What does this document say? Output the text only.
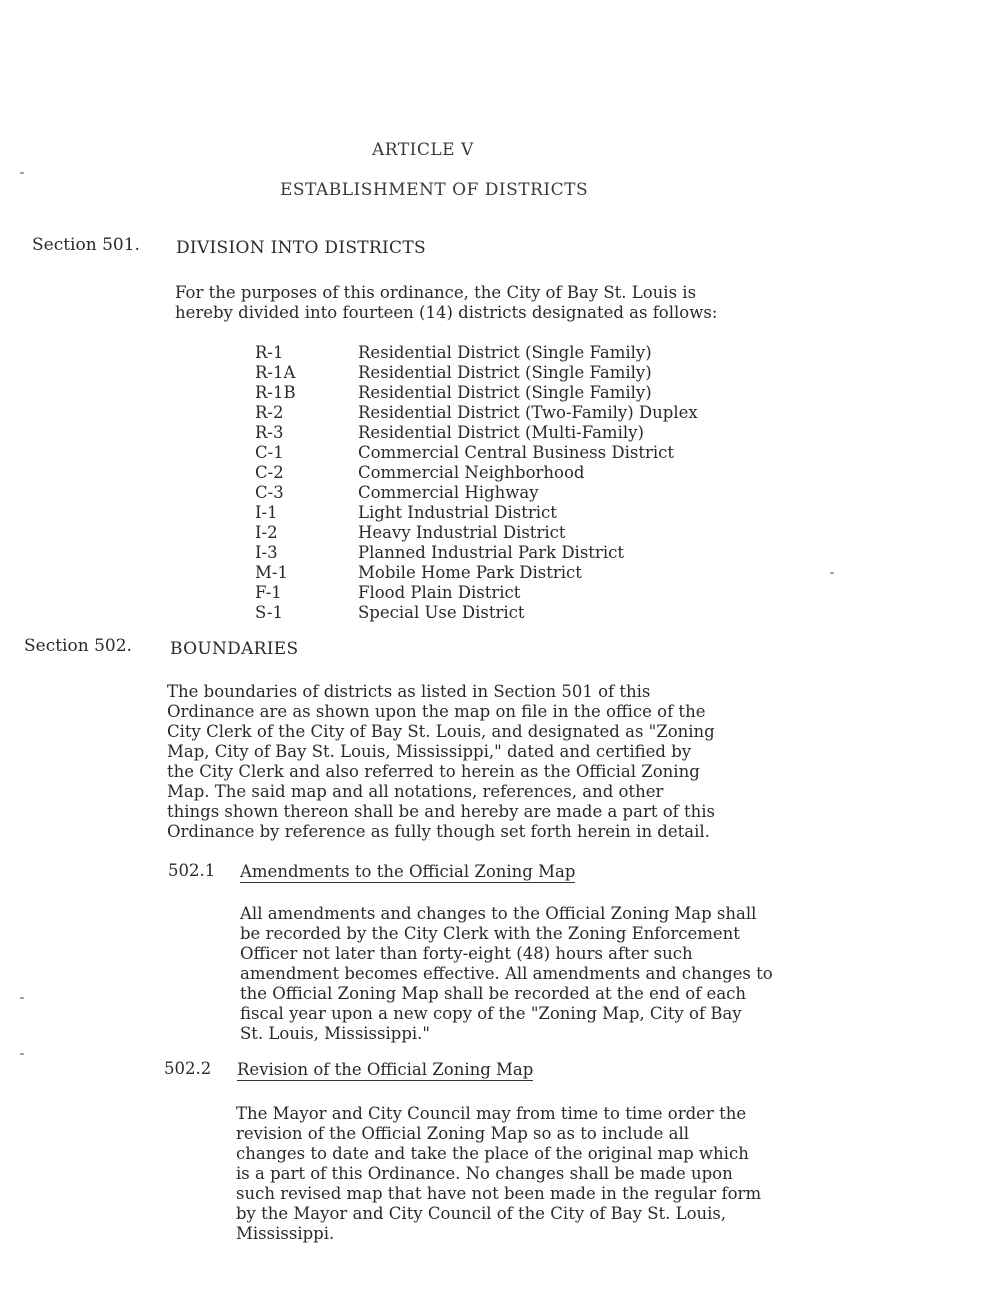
ARTICLE V
ESTABLISHMENT OF DISTRICTS
Section 501. DIVISION INTO DISTRICTS
For the purposes of this ordinance, the City of Bay St. Louis is
hereby divided into fourteen (14) districts designated as follows:
R-1	Residential District (Single Family)
R-1A	Residential District (Single Family)
R-1B	Residential District (Single Family)
R-2	Residential District (Two-Family) Duplex
R-3	Residential District (Multi-Family)
C-1	Commercial Central Business District
C-2	Commercial Neighborhood
C-3	Commercial Highway
I-1	Light Industrial District
I-2	Heavy Industrial District
I-3	Planned Industrial Park District
M-1	Mobile Home Park District
F-1	Flood Plain District
S-1	Special Use District
Section 502. BOUNDARIES
The boundaries of districts as listed in Section 501 of this
Ordinance are as shown upon the map on file in the office of the
City Clerk of the City of Bay St. Louis, and designated as "Zoning
Map, City of Bay St. Louis, Mississippi," dated and certified by
the City Clerk and also referred to herein as the Official Zoning
Map. The said map and all notations, references, and other
things shown thereon shall be and hereby are made a part of this
Ordinance by reference as fully though set forth herein in detail.
502.1 Amendments to the Official Zoning Map
All amendments and changes to the Official Zoning Map shall
be recorded by the City Clerk with the Zoning Enforcement
Officer not later than forty-eight (48) hours after such
amendment becomes effective. All amendments and changes to
the Official Zoning Map shall be recorded at the end of each
fiscal year upon a new copy of the "Zoning Map, City of Bay
St. Louis, Mississippi."
502.2 Revision of the Official Zoning Map
The Mayor and City Council may from time to time order the
revision of the Official Zoning Map so as to include all
changes to date and take the place of the original map which
is a part of this Ordinance. No changes shall be made upon
such revised map that have not been made in the regular form
by the Mayor and City Council of the City of Bay St. Louis,
Mississippi.
